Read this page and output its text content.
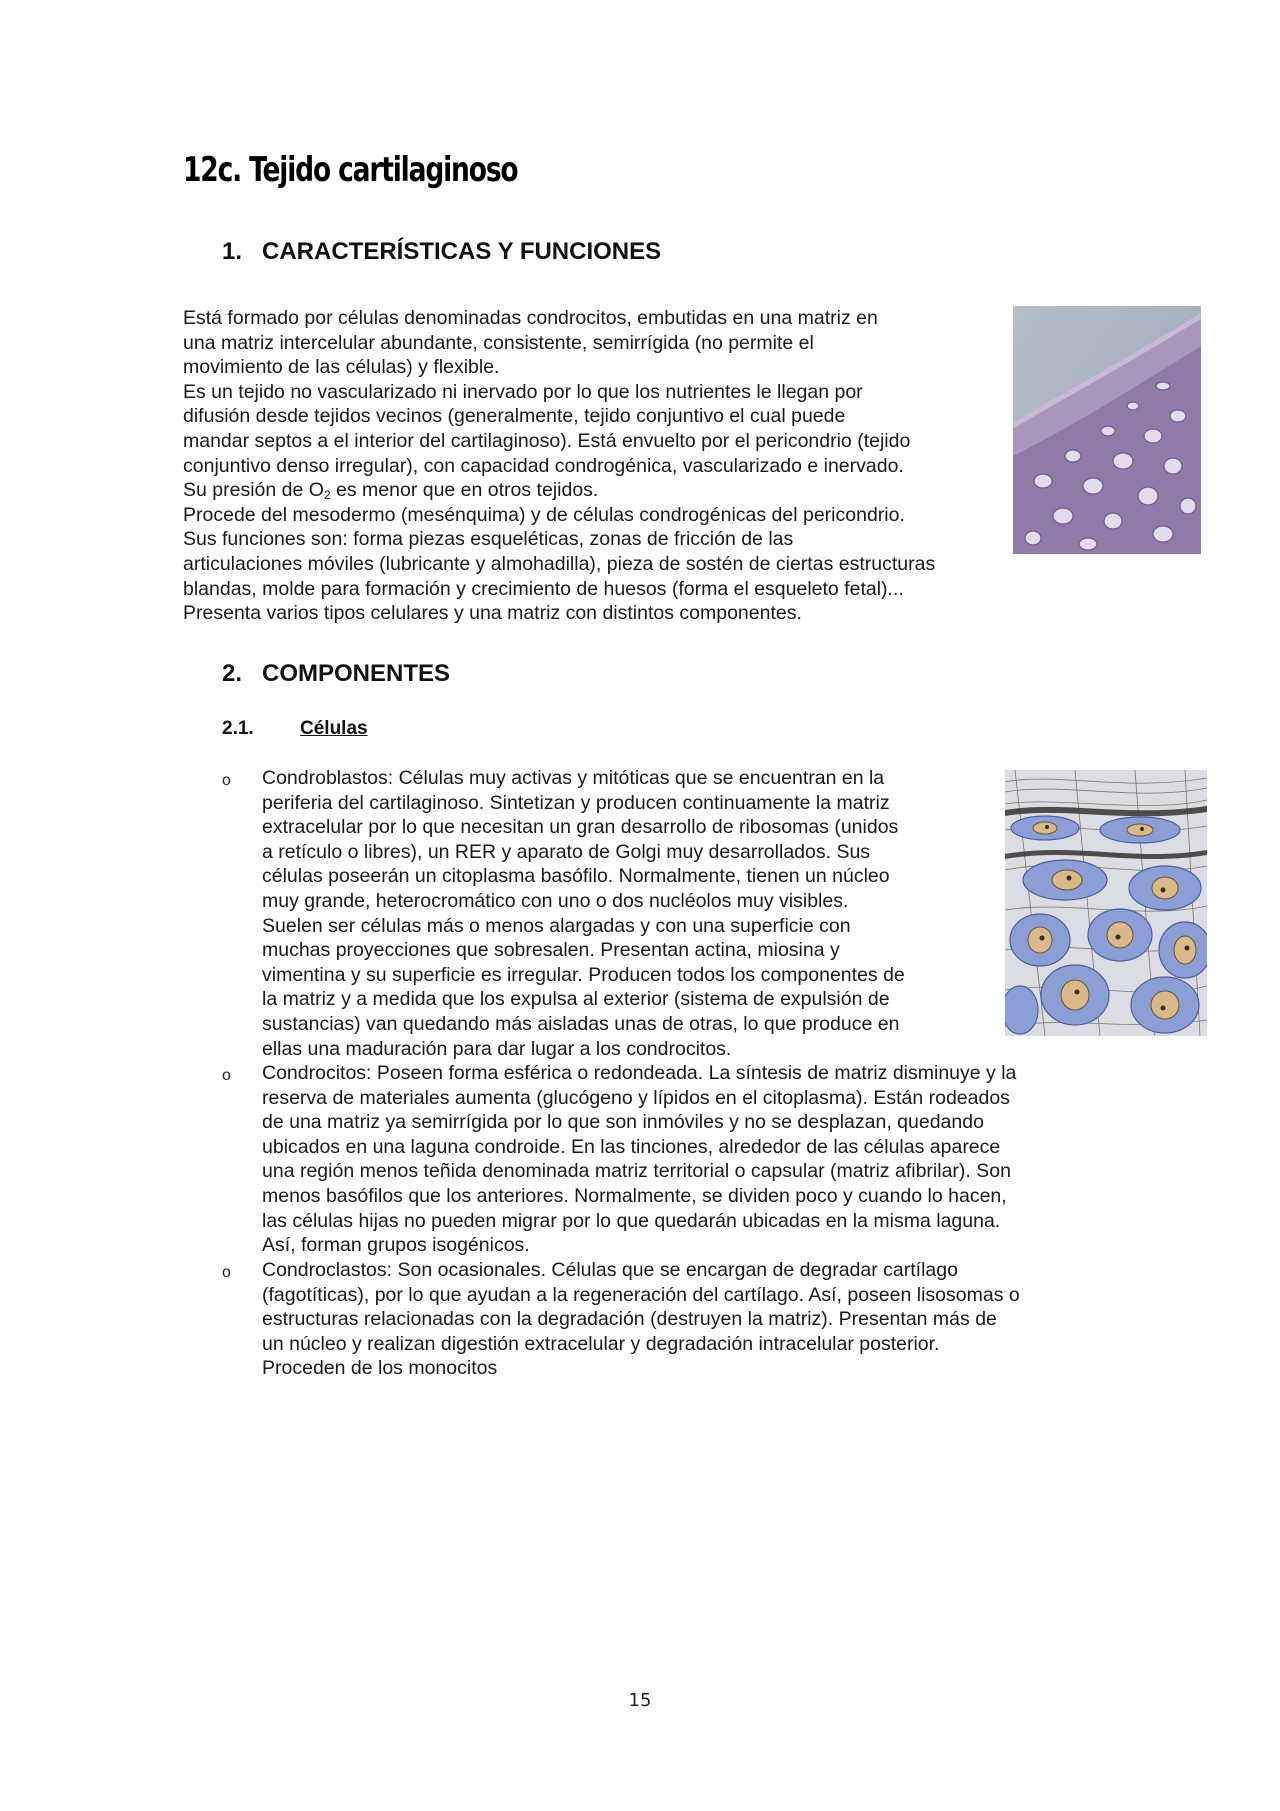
12c. Tejido cartilaginoso
1. CARACTERÍSTICAS Y FUNCIONES
Está formado por células denominadas condrocitos, embutidas en una matriz en
una matriz intercelular abundante, consistente, semirrígida (no permite el
movimiento de las células) y flexible.
Es un tejido no vascularizado ni inervado por lo que los nutrientes le llegan por
difusión desde tejidos vecinos (generalmente, tejido conjuntivo el cual puede
mandar septos a el interior del cartilaginoso). Está envuelto por el pericondrio (tejido
conjuntivo denso irregular), con capacidad condrogénica, vascularizado e inervado.
Su presión de $O_2$ es menor que en otros tejidos.
Procede del mesodermo (mesénquima) y de células condrogénicas del pericondrio.
Sus funciones son: forma piezas esqueléticas, zonas de fricción de las
articulaciones móviles (lubricante y almohadilla), pieza de sostén de ciertas estructuras
blandas, molde para formación y crecimiento de huesos (forma el esqueleto fetal)...
Presenta varios tipos celulares y una matriz con distintos componentes.
2. COMPONENTES
2.1. Células
o
o
o
Condroblastos: Células muy activas y mitóticas que se encuentran en la
periferia del cartilaginoso. Sintetizan y producen continuamente la matriz
extracelular por lo que necesitan un gran desarrollo de ribosomas (unidos
a retículo o libres), un RER y aparato de Golgi muy desarrollados. Sus
células poseerán un citoplasma basófilo. Normalmente, tienen un núcleo
muy grande, heterocromático con uno o dos nucléolos muy visibles.
Suelen ser células más o menos alargadas y con una superficie con
muchas proyecciones que sobresalen. Presentan actina, miosina y
vimentina y su superficie es irregular. Producen todos los componentes de
la matriz y a medida que los expulsa al exterior (sistema de expulsión de
sustancias) van quedando más aisladas unas de otras, lo que produce en
ellas una maduración para dar lugar a los condrocitos.
Condrocitos: Poseen forma esférica o redondeada. La síntesis de matriz disminuye y la
reserva de materiales aumenta (glucógeno y lípidos en el citoplasma). Están rodeados
de una matriz ya semirrígida por lo que son inmóviles y no se desplazan, quedando
ubicados en una laguna condroide. En las tinciones, alrededor de las células aparece
una región menos teñida denominada matriz territorial o capsular (matriz afibrilar). Son
menos basófilos que los anteriores. Normalmente, se dividen poco y cuando lo hacen,
las células hijas no pueden migrar por lo que quedarán ubicadas en la misma laguna.
Así, forman grupos isogénicos.
Condroclastos: Son ocasionales. Células que se encargan de degradar cartílago
(fagotíticas), por lo que ayudan a la regeneración del cartílago. Así, poseen lisosomas o
estructuras relacionadas con la degradación (destruyen la matriz). Presentan más de
un núcleo y realizan digestión extracelular y degradación intracelular posterior.
Proceden de los monocitos
15
